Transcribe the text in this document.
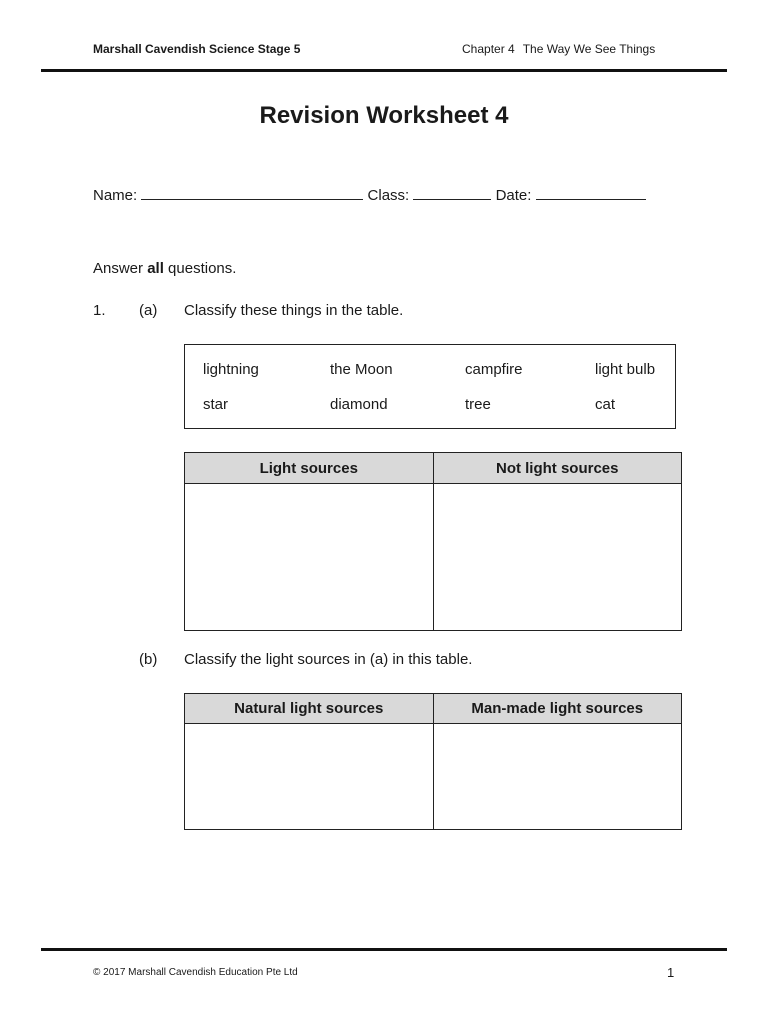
Marshall Cavendish Science Stage 5	Chapter 4 The Way We See Things
Revision Worksheet 4
Name:	Class:	Date:
Answer all questions.
1. (a) Classify these things in the table.
lightning	the Moon	campfire	light bulb
star	diamond	tree	cat
Light sources	Not light sources

(b) Classify the light sources in (a) in this table.
Natural light sources	Man-made light sources

© 2017 Marshall Cavendish Education Pte Ltd	1
